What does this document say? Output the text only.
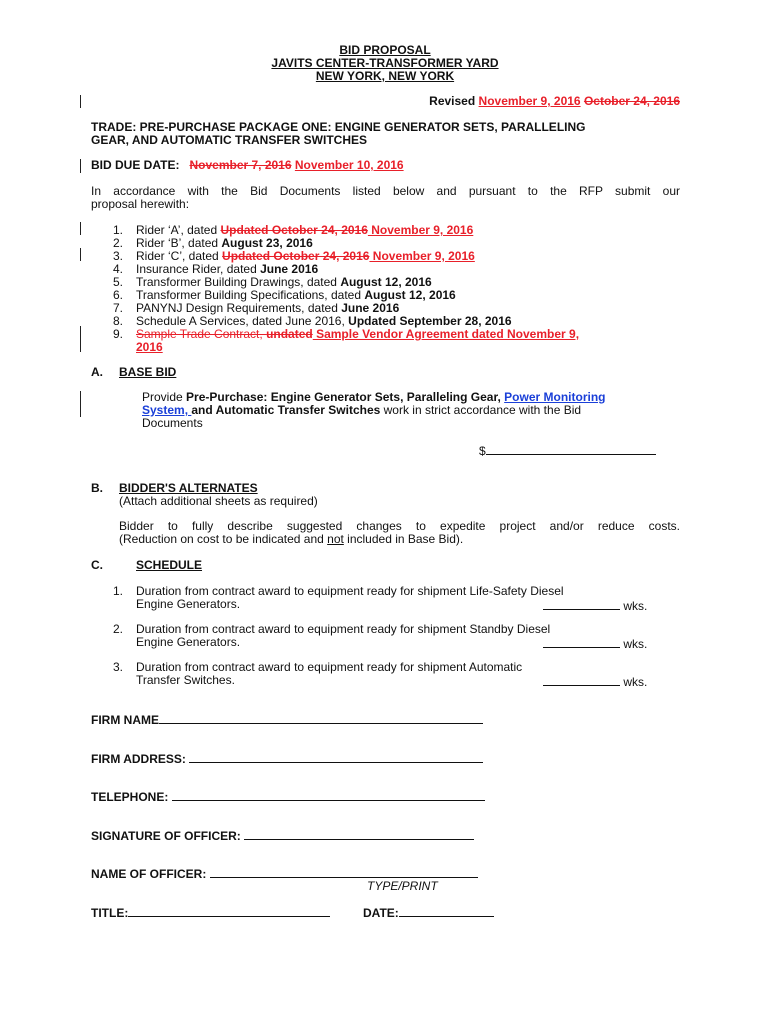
BID PROPOSAL
JAVITS CENTER-TRANSFORMER YARD
NEW YORK, NEW YORK
Revised November 9, 2016 October 24, 2016
TRADE: PRE-PURCHASE PACKAGE ONE: ENGINE GENERATOR SETS, PARALLELING
GEAR, AND AUTOMATIC TRANSFER SWITCHES
BID DUE DATE: November 7, 2016 November 10, 2016
In accordance with the Bid Documents listed below and pursuant to the RFP submit our
proposal herewith:
1. Rider ‘A’, dated Updated October 24, 2016 November 9, 2016
2. Rider ‘B’, dated August 23, 2016
3. Rider ‘C’, dated Updated October 24, 2016 November 9, 2016
4. Insurance Rider, dated June 2016
5. Transformer Building Drawings, dated August 12, 2016
6. Transformer Building Specifications, dated August 12, 2016
7. PANYNJ Design Requirements, dated June 2016
8. Schedule A Services, dated June 2016, Updated September 28, 2016
9. Sample Trade Contract, undated Sample Vendor Agreement dated November 9,
2016
A. BASE BID
Provide Pre-Purchase: Engine Generator Sets, Paralleling Gear, Power Monitoring
System, and Automatic Transfer Switches work in strict accordance with the Bid
Documents
$
B. BIDDER'S ALTERNATES
(Attach additional sheets as required)
Bidder to fully describe suggested changes to expedite project and/or reduce costs.
(Reduction on cost to be indicated and not included in Base Bid).
C.	SCHEDULE
1. Duration from contract award to equipment ready for shipment Life-Safety Diesel
Engine Generators.	wks.
2. Duration from contract award to equipment ready for shipment Standby Diesel
Engine Generators.	wks.
3. Duration from contract award to equipment ready for shipment Automatic
Transfer Switches.	wks.
FIRM NAME
FIRM ADDRESS:
TELEPHONE:
SIGNATURE OF OFFICER:
NAME OF OFFICER:
TYPE/PRINT
TITLE:	DATE:
